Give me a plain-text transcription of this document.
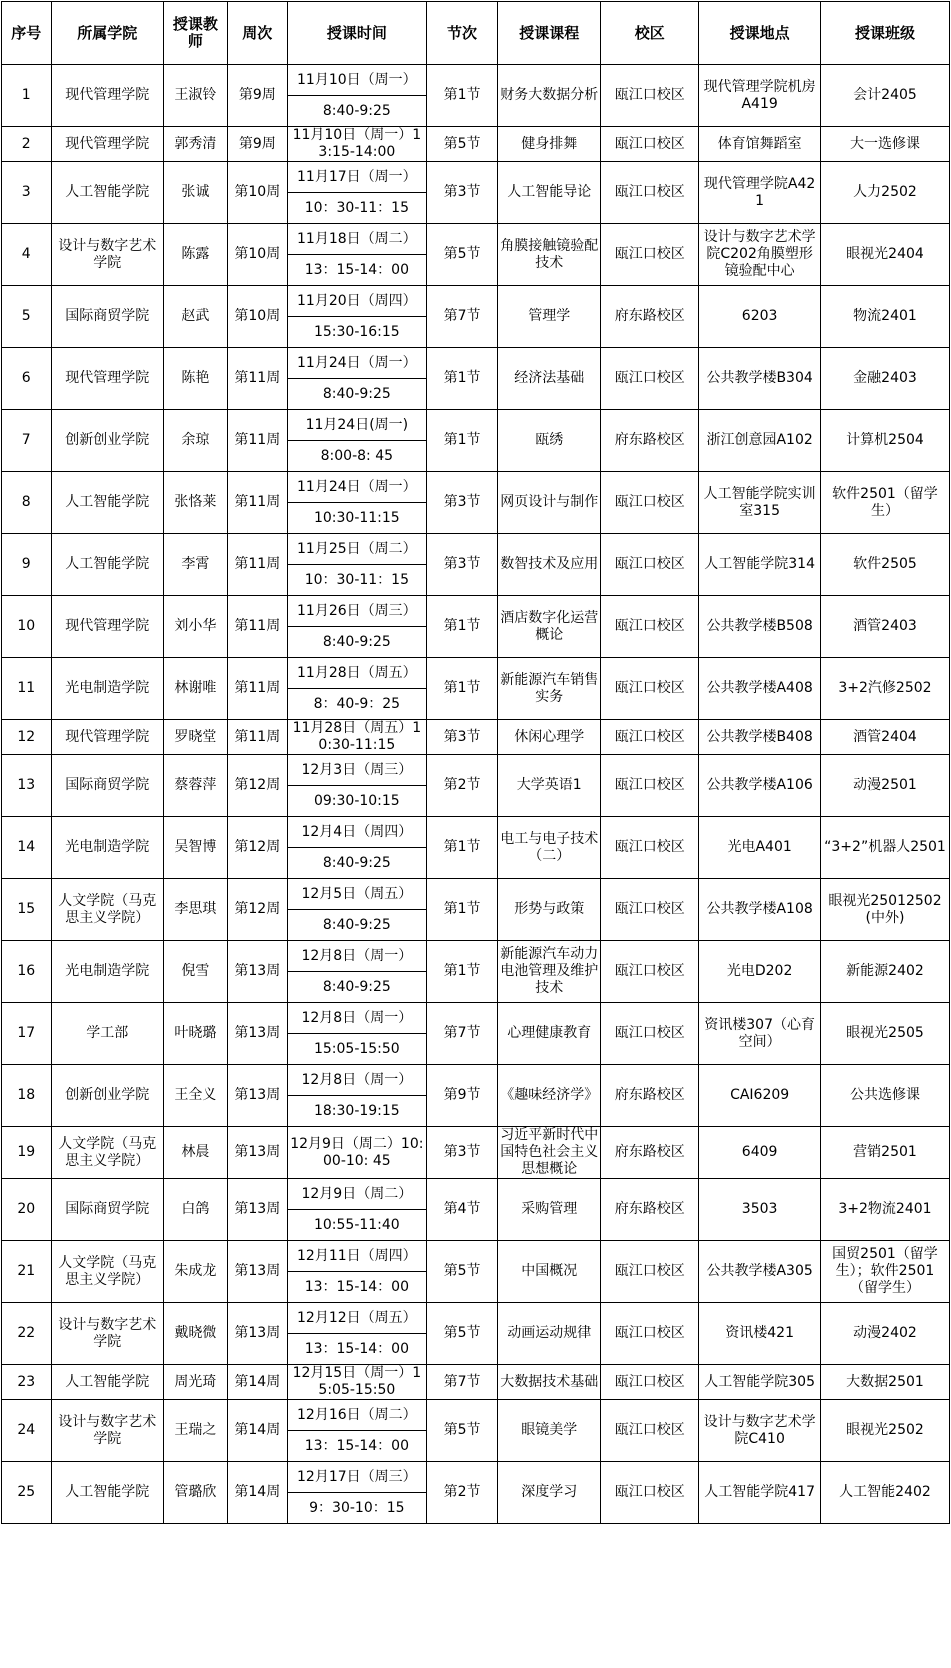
序号	所属学院	授课教师	周次	授课时间	节次	授课课程	校区	授课地点	授课班级
1	现代管理学院	王淑铃	第9周	11月10日（周一）	第1节	财务大数据分析	瓯江口校区	现代管理学院机房A419	会计2405
				8:40-9:25					
2	现代管理学院	郭秀清	第9周	11月10日（周一）13:15-14:00	第5节	健身排舞	瓯江口校区	体育馆舞蹈室	大一选修课

3	人工智能学院	张诚	第10周	11月17日（周一）	第3节	人工智能导论	瓯江口校区	现代管理学院A421	人力2502
				10：30-11：15					
4	设计与数字艺术学院	陈露	第10周	11月18日（周二）	第5节	角膜接触镜验配技术	瓯江口校区	设计与数字艺术学院C202角膜塑形镜验配中心	眼视光2404
				13：15-14：00					
5	国际商贸学院	赵武	第10周	11月20日（周四）	第7节	管理学	府东路校区	6203	物流2401
				15:30-16:15					
6	现代管理学院	陈艳	第11周	11月24日（周一）	第1节	经济法基础	瓯江口校区	公共教学楼B304	金融2403
				8:40-9:25					
7	创新创业学院	余琼	第11周	11月24日(周一)	第1节	瓯绣	府东路校区	浙江创意园A102	计算机2504
				8:00-8: 45					
8	人工智能学院	张恪莱	第11周	11月24日（周一）	第3节	网页设计与制作	瓯江口校区	人工智能学院实训室315	软件2501（留学生）
				10:30-11:15					
9	人工智能学院	李霄	第11周	11月25日（周二）	第3节	数智技术及应用	瓯江口校区	人工智能学院314	软件2505
				10：30-11：15					
10	现代管理学院	刘小华	第11周	11月26日（周三）	第1节	酒店数字化运营概论	瓯江口校区	公共教学楼B508	酒管2403
				8:40-9:25					
11	光电制造学院	林谢唯	第11周	11月28日（周五）	第1节	新能源汽车销售实务	瓯江口校区	公共教学楼A408	3+2汽修2502
				8：40-9：25					
12	现代管理学院	罗晓堂	第11周	11月28日（周五）10:30-11:15	第3节	休闲心理学	瓯江口校区	公共教学楼B408	酒管2404

13	国际商贸学院	蔡蓉萍	第12周	12月3日（周三）	第2节	大学英语1	瓯江口校区	公共教学楼A106	动漫2501
				09:30-10:15					
14	光电制造学院	吴智博	第12周	12月4日（周四）	第1节	电工与电子技术（二）	瓯江口校区	光电A401	“3+2”机器人2501
				8:40-9:25					
15	人文学院（马克思主义学院）	李思琪	第12周	12月5日（周五）	第1节	形势与政策	瓯江口校区	公共教学楼A108	眼视光25012502(中外)
				8:40-9:25					
16	光电制造学院	倪雪	第13周	12月8日（周一）	第1节	新能源汽车动力电池管理及维护技术	瓯江口校区	光电D202	新能源2402
				8:40-9:25					
17	学工部	叶晓璐	第13周	12月8日（周一）	第7节	心理健康教育	瓯江口校区	资讯楼307（心育空间）	眼视光2505
				15:05-15:50					
18	创新创业学院	王全义	第13周	12月8日（周一）	第9节	《趣味经济学》	府东路校区	CAI6209	公共选修课
				18:30-19:15					
19	人文学院（马克思主义学院）	林晨	第13周	12月9日（周二）10:00-10: 45	第3节	习近平新时代中国特色社会主义思想概论	府东路校区	6409	营销2501

20	国际商贸学院	白鸽	第13周	12月9日（周二）	第4节	采购管理	府东路校区	3503	3+2物流2401
				10:55-11:40					
21	人文学院（马克思主义学院）	朱成龙	第13周	12月11日（周四）	第5节	中国概况	瓯江口校区	公共教学楼A305	国贸2501（留学生）；软件2501（留学生）
				13：15-14：00					
22	设计与数字艺术学院	戴晓微	第13周	12月12日（周五）	第5节	动画运动规律	瓯江口校区	资讯楼421	动漫2402
				13：15-14：00					
23	人工智能学院	周光琦	第14周	12月15日（周一）15:05-15:50	第7节	大数据技术基础	瓯江口校区	人工智能学院305	大数据2501

24	设计与数字艺术学院	王瑞之	第14周	12月16日（周二）	第5节	眼镜美学	瓯江口校区	设计与数字艺术学院C410	眼视光2502
				13：15-14：00					
25	人工智能学院	管璐欣	第14周	12月17日（周三）	第2节	深度学习	瓯江口校区	人工智能学院417	人工智能2402
				9：30-10：15					
